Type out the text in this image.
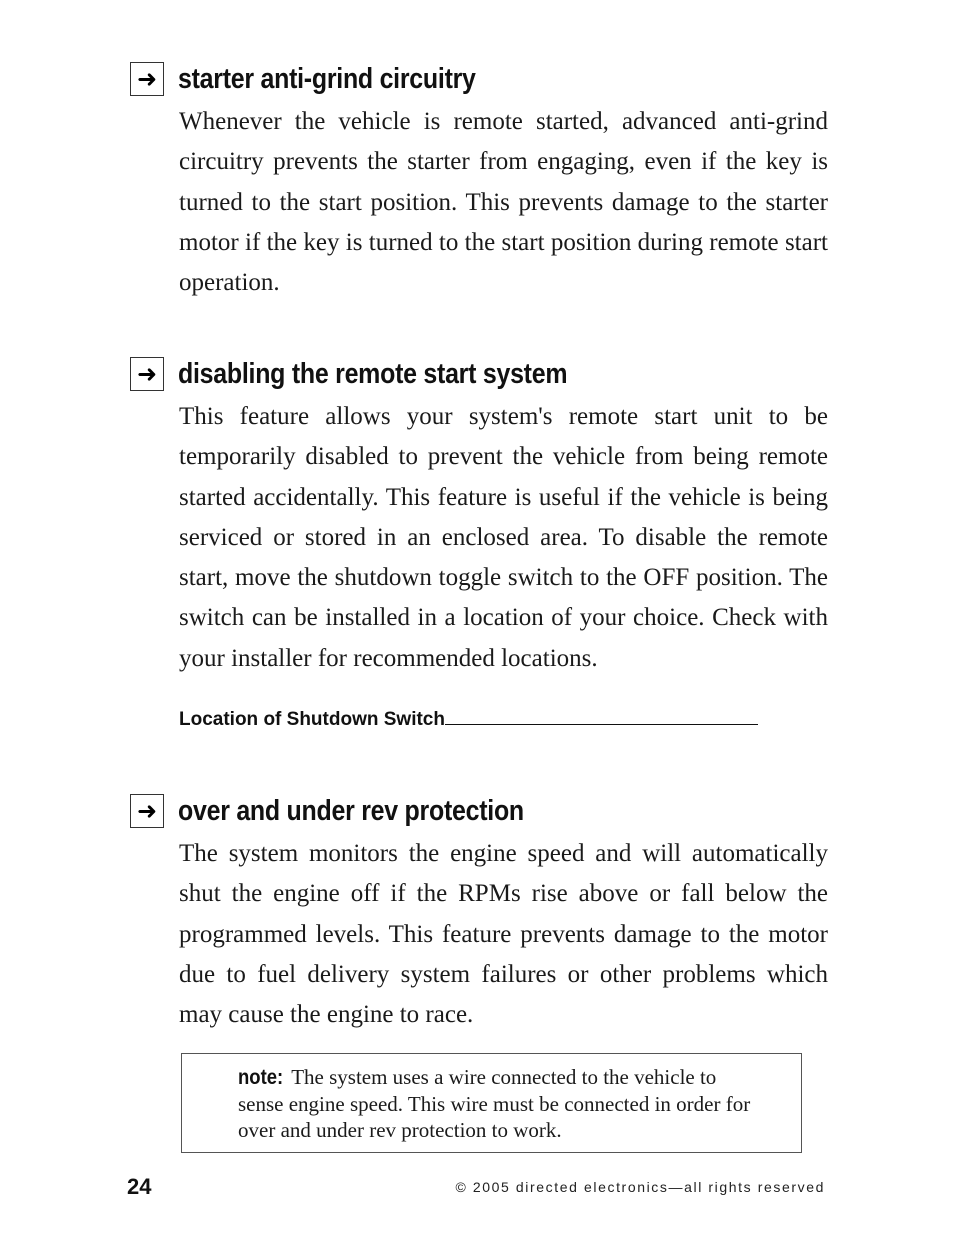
➜ starter anti-grind circuitry
Whenever the vehicle is remote started, advanced anti-grind circuitry prevents the starter from engaging, even if the key is turned to the start position. This prevents damage to the starter motor if the key is turned to the start position during remote start operation.
➜ disabling the remote start system
This feature allows your system's remote start unit to be temporarily disabled to prevent the vehicle from being remote started accidentally. This feature is useful if the vehicle is being serviced or stored in an enclosed area. To disable the remote start, move the shutdown toggle switch to the OFF position. The switch can be installed in a location of your choice. Check with your installer for recommended locations.
Location of Shutdown Switch
➜ over and under rev protection
The system monitors the engine speed and will automatically shut the engine off if the RPMs rise above or fall below the programmed levels. This feature prevents damage to the motor due to fuel delivery system failures or other problems which may cause the engine to race.
note: The system uses a wire connected to the vehicle to sense engine speed. This wire must be connected in order for over and under rev protection to work.
24	© 2005 directed electronics—all rights reserved
